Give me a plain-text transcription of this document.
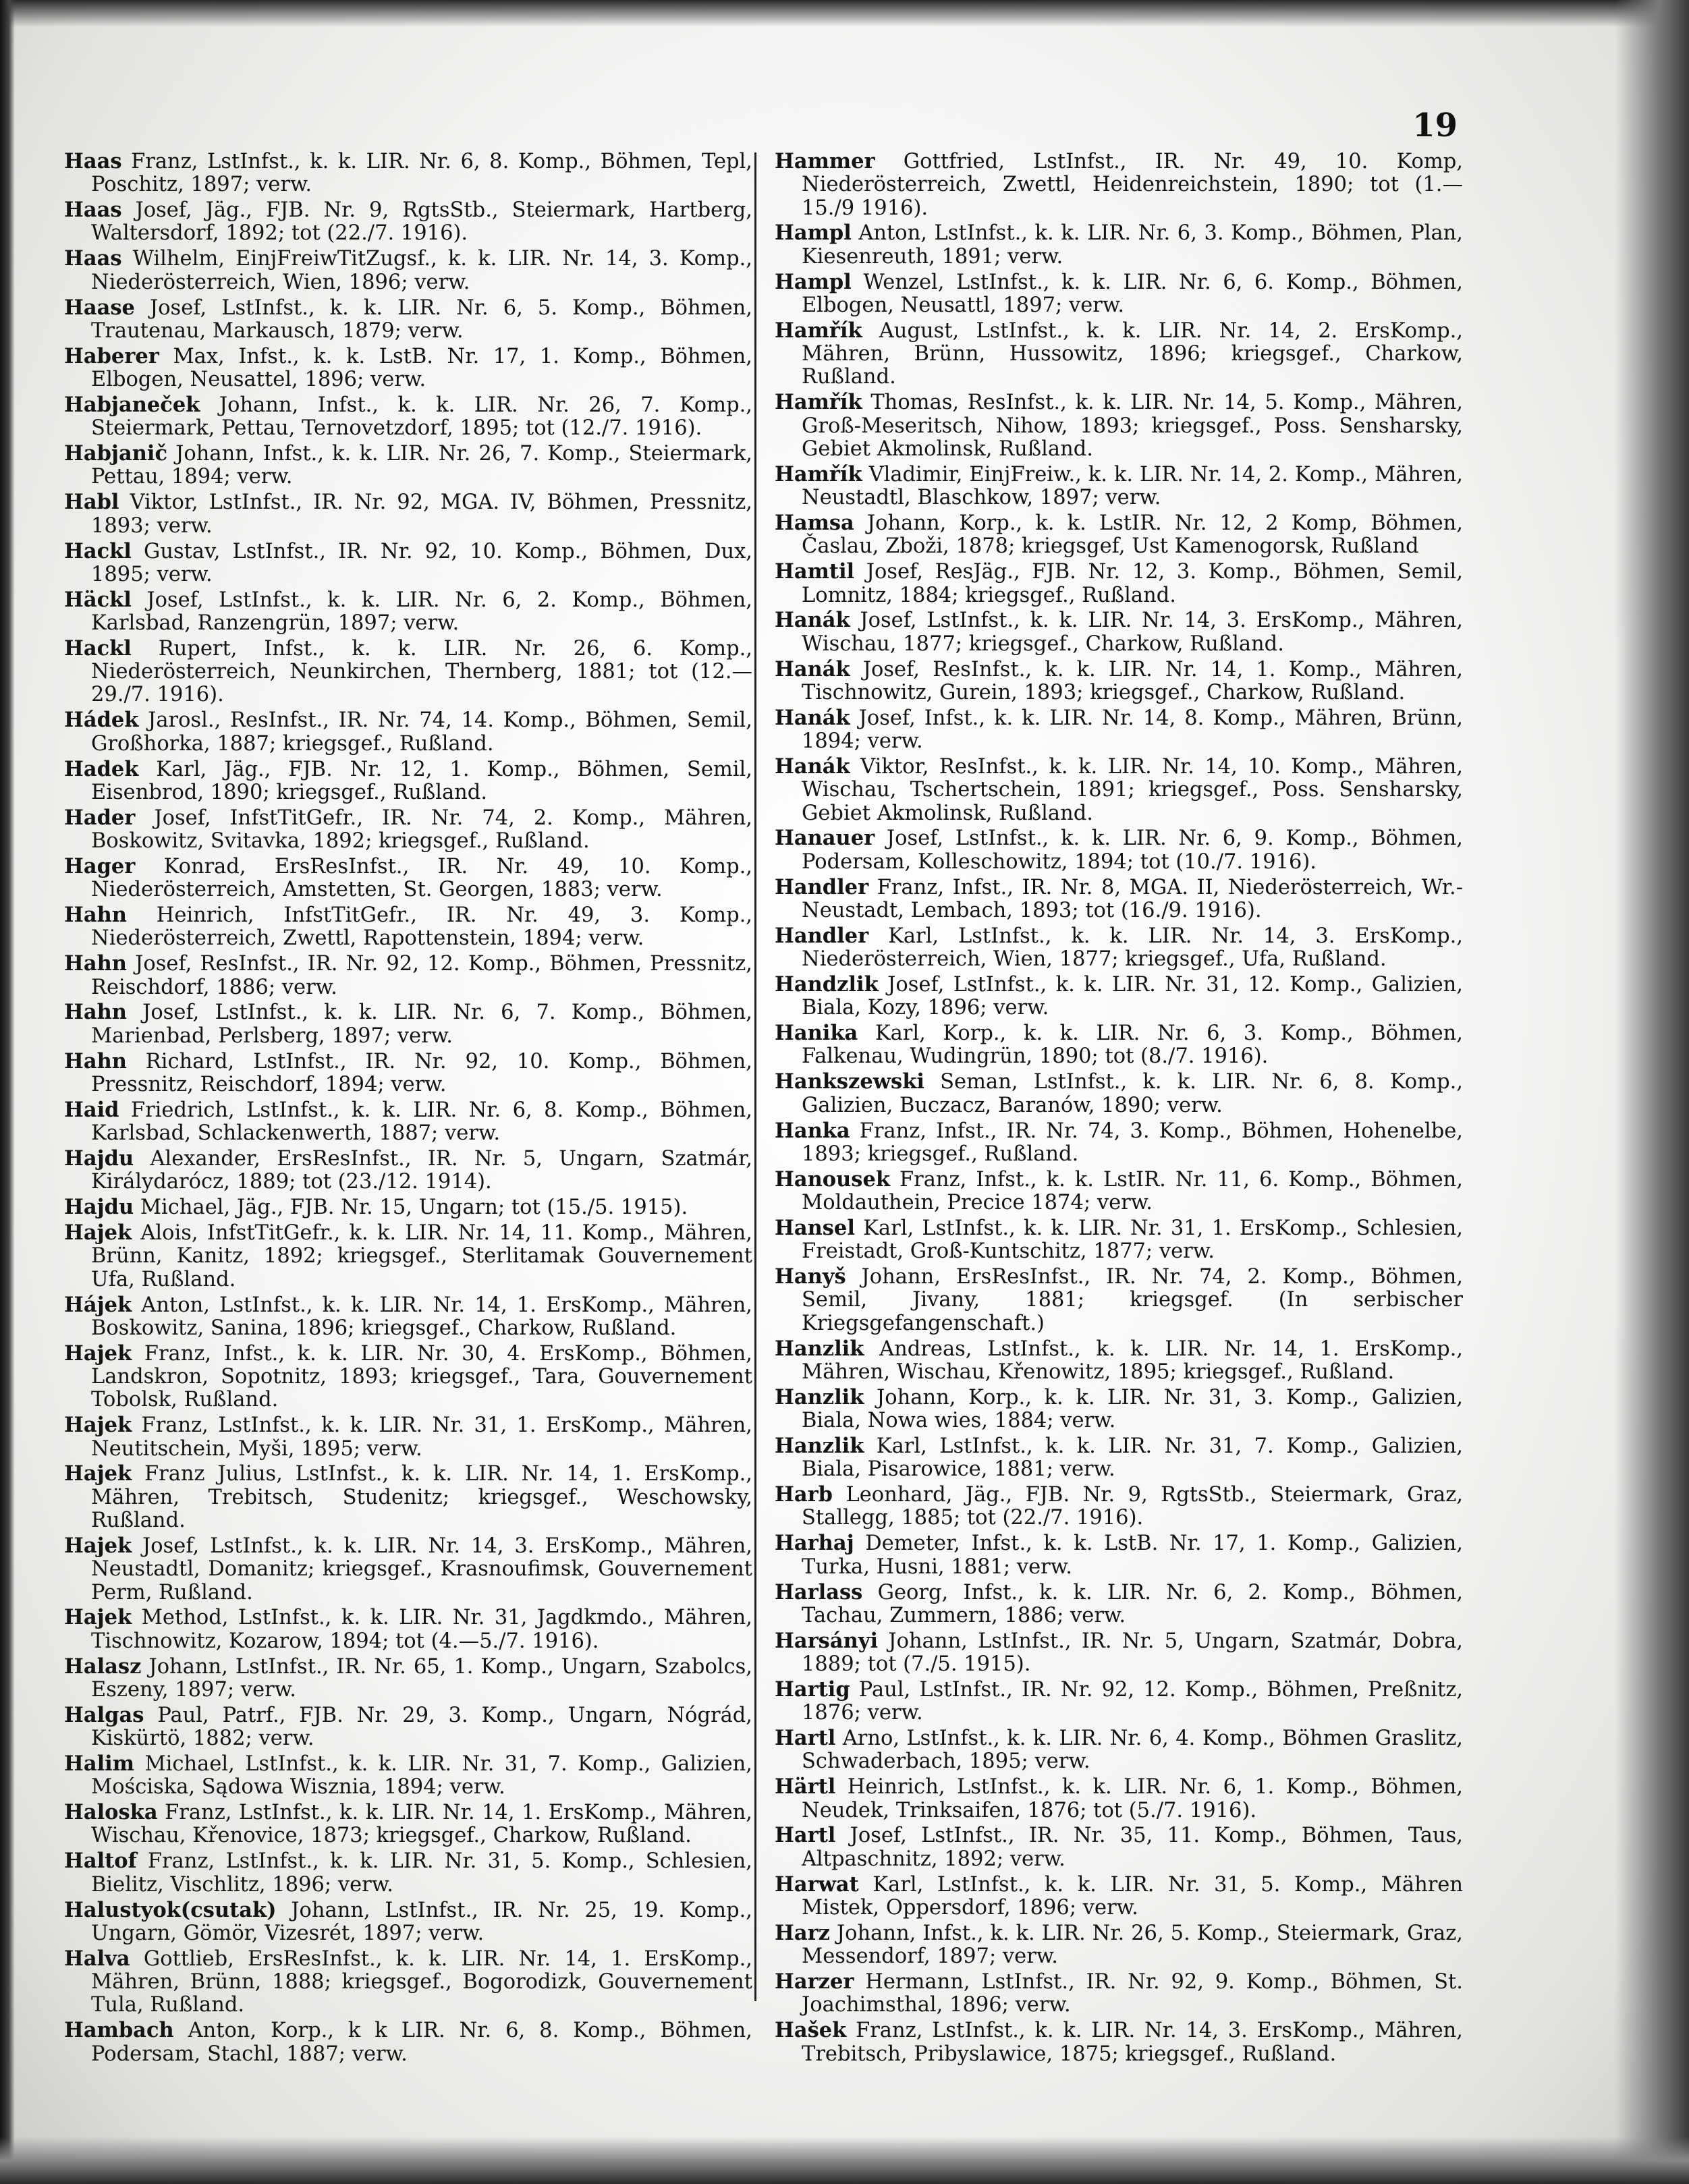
19
Haas Franz, LstInfst., k. k. LIR. Nr. 6, 8. Komp., Böhmen, Tepl, Poschitz, 1897; verw.
Haas Josef, Jäg., FJB. Nr. 9, RgtsStb., Steiermark, Hartberg, Waltersdorf, 1892; tot (22./7. 1916).
Haas Wilhelm, EinjFreiwTitZugsf., k. k. LIR. Nr. 14, 3. Komp., Niederösterreich, Wien, 1896; verw.
Haase Josef, LstInfst., k. k. LIR. Nr. 6, 5. Komp., Böhmen, Trautenau, Markausch, 1879; verw.
Haberer Max, Infst., k. k. LstB. Nr. 17, 1. Komp., Böhmen, Elbogen, Neusattel, 1896; verw.
Habjaneček Johann, Infst., k. k. LIR. Nr. 26, 7. Komp., Steiermark, Pettau, Ternovetzdorf, 1895; tot (12./7. 1916).
Habjanič Johann, Infst., k. k. LIR. Nr. 26, 7. Komp., Steiermark, Pettau, 1894; verw.
Habl Viktor, LstInfst., IR. Nr. 92, MGA. IV, Böhmen, Pressnitz, 1893; verw.
Hackl Gustav, LstInfst., IR. Nr. 92, 10. Komp., Böhmen, Dux, 1895; verw.
Häckl Josef, LstInfst., k. k. LIR. Nr. 6, 2. Komp., Böhmen, Karlsbad, Ranzengrün, 1897; verw.
Hackl Rupert, Infst., k. k. LIR. Nr. 26, 6. Komp., Niederösterreich, Neunkirchen, Thernberg, 1881; tot (12.—29./7. 1916).
Hádek Jarosl., ResInfst., IR. Nr. 74, 14. Komp., Böhmen, Semil, Großhorka, 1887; kriegsgef., Rußland.
Hadek Karl, Jäg., FJB. Nr. 12, 1. Komp., Böhmen, Semil, Eisenbrod, 1890; kriegsgef., Rußland.
Hader Josef, InfstTitGefr., IR. Nr. 74, 2. Komp., Mähren, Boskowitz, Svitavka, 1892; kriegsgef., Rußland.
Hager Konrad, ErsResInfst., IR. Nr. 49, 10. Komp., Niederösterreich, Amstetten, St. Georgen, 1883; verw.
Hahn Heinrich, InfstTitGefr., IR. Nr. 49, 3. Komp., Niederösterreich, Zwettl, Rapottenstein, 1894; verw.
Hahn Josef, ResInfst., IR. Nr. 92, 12. Komp., Böhmen, Pressnitz, Reischdorf, 1886; verw.
Hahn Josef, LstInfst., k. k. LIR. Nr. 6, 7. Komp., Böhmen, Marienbad, Perlsberg, 1897; verw.
Hahn Richard, LstInfst., IR. Nr. 92, 10. Komp., Böhmen, Pressnitz, Reischdorf, 1894; verw.
Haid Friedrich, LstInfst., k. k. LIR. Nr. 6, 8. Komp., Böhmen, Karlsbad, Schlackenwerth, 1887; verw.
Hajdu Alexander, ErsResInfst., IR. Nr. 5, Ungarn, Szatmár, Királydarócz, 1889; tot (23./12. 1914).
Hajdu Michael, Jäg., FJB. Nr. 15, Ungarn; tot (15./5. 1915).
Hajek Alois, InfstTitGefr., k. k. LIR. Nr. 14, 11. Komp., Mähren, Brünn, Kanitz, 1892; kriegsgef., Sterlitamak Gouvernement Ufa, Rußland.
Hájek Anton, LstInfst., k. k. LIR. Nr. 14, 1. ErsKomp., Mähren, Boskowitz, Sanina, 1896; kriegsgef., Charkow, Rußland.
Hajek Franz, Infst., k. k. LIR. Nr. 30, 4. ErsKomp., Böhmen, Landskron, Sopotnitz, 1893; kriegsgef., Tara, Gouvernement Tobolsk, Rußland.
Hajek Franz, LstInfst., k. k. LIR. Nr. 31, 1. ErsKomp., Mähren, Neutitschein, Myši, 1895; verw.
Hajek Franz Julius, LstInfst., k. k. LIR. Nr. 14, 1. ErsKomp., Mähren, Trebitsch, Studenitz; kriegsgef., Weschowsky, Rußland.
Hajek Josef, LstInfst., k. k. LIR. Nr. 14, 3. ErsKomp., Mähren, Neustadtl, Domanitz; kriegsgef., Krasnoufimsk, Gouvernement Perm, Rußland.
Hajek Method, LstInfst., k. k. LIR. Nr. 31, Jagdkmdo., Mähren, Tischnowitz, Kozarow, 1894; tot (4.—5./7. 1916).
Halasz Johann, LstInfst., IR. Nr. 65, 1. Komp., Ungarn, Szabolcs, Eszeny, 1897; verw.
Halgas Paul, Patrf., FJB. Nr. 29, 3. Komp., Ungarn, Nógrád, Kiskürtö, 1882; verw.
Halim Michael, LstInfst., k. k. LIR. Nr. 31, 7. Komp., Galizien, Mościska, Sądowa Wisznia, 1894; verw.
Haloska Franz, LstInfst., k. k. LIR. Nr. 14, 1. ErsKomp., Mähren, Wischau, Křenovice, 1873; kriegsgef., Charkow, Rußland.
Haltof Franz, LstInfst., k. k. LIR. Nr. 31, 5. Komp., Schlesien, Bielitz, Vischlitz, 1896; verw.
Halustyok(csutak) Johann, LstInfst., IR. Nr. 25, 19. Komp., Ungarn, Gömör, Vizesrét, 1897; verw.
Halva Gottlieb, ErsResInfst., k. k. LIR. Nr. 14, 1. ErsKomp., Mähren, Brünn, 1888; kriegsgef., Bogorodizk, Gouvernement Tula, Rußland.
Hambach Anton, Korp., k k LIR. Nr. 6, 8. Komp., Böhmen, Podersam, Stachl, 1887; verw.
Hammer Gottfried, LstInfst., IR. Nr. 49, 10. Komp, Niederösterreich, Zwettl, Heidenreichstein, 1890; tot (1.—15./9 1916).
Hampl Anton, LstInfst., k. k. LIR. Nr. 6, 3. Komp., Böhmen, Plan, Kiesenreuth, 1891; verw.
Hampl Wenzel, LstInfst., k. k. LIR. Nr. 6, 6. Komp., Böhmen, Elbogen, Neusattl, 1897; verw.
Hamřík August, LstInfst., k. k. LIR. Nr. 14, 2. ErsKomp., Mähren, Brünn, Hussowitz, 1896; kriegsgef., Charkow, Rußland.
Hamřík Thomas, ResInfst., k. k. LIR. Nr. 14, 5. Komp., Mähren, Groß-Meseritsch, Nihow, 1893; kriegsgef., Poss. Sensharsky, Gebiet Akmolinsk, Rußland.
Hamřík Vladimir, EinjFreiw., k. k. LIR. Nr. 14, 2. Komp., Mähren, Neustadtl, Blaschkow, 1897; verw.
Hamsa Johann, Korp., k. k. LstIR. Nr. 12, 2 Komp, Böhmen, Časlau, Zboži, 1878; kriegsgef, Ust Kamenogorsk, Rußland
Hamtil Josef, ResJäg., FJB. Nr. 12, 3. Komp., Böhmen, Semil, Lomnitz, 1884; kriegsgef., Rußland.
Hanák Josef, LstInfst., k. k. LIR. Nr. 14, 3. ErsKomp., Mähren, Wischau, 1877; kriegsgef., Charkow, Rußland.
Hanák Josef, ResInfst., k. k. LIR. Nr. 14, 1. Komp., Mähren, Tischnowitz, Gurein, 1893; kriegsgef., Charkow, Rußland.
Hanák Josef, Infst., k. k. LIR. Nr. 14, 8. Komp., Mähren, Brünn, 1894; verw.
Hanák Viktor, ResInfst., k. k. LIR. Nr. 14, 10. Komp., Mähren, Wischau, Tschertschein, 1891; kriegsgef., Poss. Sensharsky, Gebiet Akmolinsk, Rußland.
Hanauer Josef, LstInfst., k. k. LIR. Nr. 6, 9. Komp., Böhmen, Podersam, Kolleschowitz, 1894; tot (10./7. 1916).
Handler Franz, Infst., IR. Nr. 8, MGA. II, Niederösterreich, Wr.-Neustadt, Lembach, 1893; tot (16./9. 1916).
Handler Karl, LstInfst., k. k. LIR. Nr. 14, 3. ErsKomp., Niederösterreich, Wien, 1877; kriegsgef., Ufa, Rußland.
Handzlik Josef, LstInfst., k. k. LIR. Nr. 31, 12. Komp., Galizien, Biala, Kozy, 1896; verw.
Hanika Karl, Korp., k. k. LIR. Nr. 6, 3. Komp., Böhmen, Falkenau, Wudingrün, 1890; tot (8./7. 1916).
Hankszewski Seman, LstInfst., k. k. LIR. Nr. 6, 8. Komp., Galizien, Buczacz, Baranów, 1890; verw.
Hanka Franz, Infst., IR. Nr. 74, 3. Komp., Böhmen, Hohenelbe, 1893; kriegsgef., Rußland.
Hanousek Franz, Infst., k. k. LstIR. Nr. 11, 6. Komp., Böhmen, Moldauthein, Precice 1874; verw.
Hansel Karl, LstInfst., k. k. LIR. Nr. 31, 1. ErsKomp., Schlesien, Freistadt, Groß-Kuntschitz, 1877; verw.
Hanyš Johann, ErsResInfst., IR. Nr. 74, 2. Komp., Böhmen, Semil, Jivany, 1881; kriegsgef. (In serbischer Kriegsgefangenschaft.)
Hanzlik Andreas, LstInfst., k. k. LIR. Nr. 14, 1. ErsKomp., Mähren, Wischau, Křenowitz, 1895; kriegsgef., Rußland.
Hanzlik Johann, Korp., k. k. LIR. Nr. 31, 3. Komp., Galizien, Biala, Nowa wies, 1884; verw.
Hanzlik Karl, LstInfst., k. k. LIR. Nr. 31, 7. Komp., Galizien, Biala, Pisarowice, 1881; verw.
Harb Leonhard, Jäg., FJB. Nr. 9, RgtsStb., Steiermark, Graz, Stallegg, 1885; tot (22./7. 1916).
Harhaj Demeter, Infst., k. k. LstB. Nr. 17, 1. Komp., Galizien, Turka, Husni, 1881; verw.
Harlass Georg, Infst., k. k. LIR. Nr. 6, 2. Komp., Böhmen, Tachau, Zummern, 1886; verw.
Harsányi Johann, LstInfst., IR. Nr. 5, Ungarn, Szatmár, Dobra, 1889; tot (7./5. 1915).
Hartig Paul, LstInfst., IR. Nr. 92, 12. Komp., Böhmen, Preßnitz, 1876; verw.
Hartl Arno, LstInfst., k. k. LIR. Nr. 6, 4. Komp., Böhmen Graslitz, Schwaderbach, 1895; verw.
Härtl Heinrich, LstInfst., k. k. LIR. Nr. 6, 1. Komp., Böhmen, Neudek, Trinksaifen, 1876; tot (5./7. 1916).
Hartl Josef, LstInfst., IR. Nr. 35, 11. Komp., Böhmen, Taus, Altpaschnitz, 1892; verw.
Harwat Karl, LstInfst., k. k. LIR. Nr. 31, 5. Komp., Mähren Mistek, Oppersdorf, 1896; verw.
Harz Johann, Infst., k. k. LIR. Nr. 26, 5. Komp., Steiermark, Graz, Messendorf, 1897; verw.
Harzer Hermann, LstInfst., IR. Nr. 92, 9. Komp., Böhmen, St. Joachimsthal, 1896; verw.
Hašek Franz, LstInfst., k. k. LIR. Nr. 14, 3. ErsKomp., Mähren, Trebitsch, Pribyslawice, 1875; kriegsgef., Rußland.
